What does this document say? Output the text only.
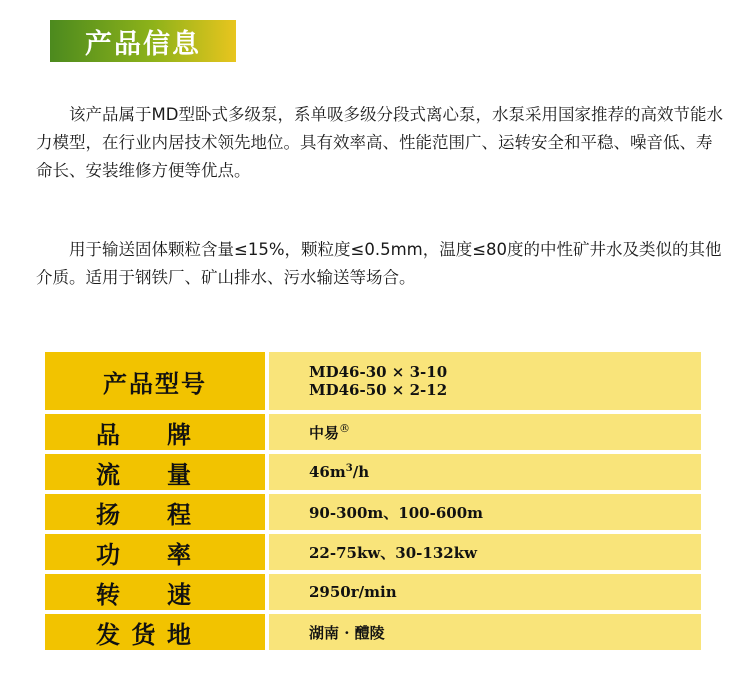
产品信息

该产品属于MD型卧式多级泵，系单吸多级分段式离心泵，水泵采用国家推荐的高效节能水力模型，在行业内居技术领先地位。具有效率高、性能范围广、运转安全和平稳、噪音低、寿命长、安装维修方便等优点。

用于输送固体颗粒含量≤15%，颗粒度≤0.5mm，温度≤80度的中性矿井水及类似的其他介质。适用于钢铁厂、矿山排水、污水输送等场合。

产品型号		MD46-30 × 3-10
MD46-50 × 2-12

品 牌		中易®

流 量		$46m^3/h$

扬 程		90-300m、100-600m

功 率		22-75kw、30-132kw

转 速		2950r/min

发 货 地		湖南 · 醴陵
